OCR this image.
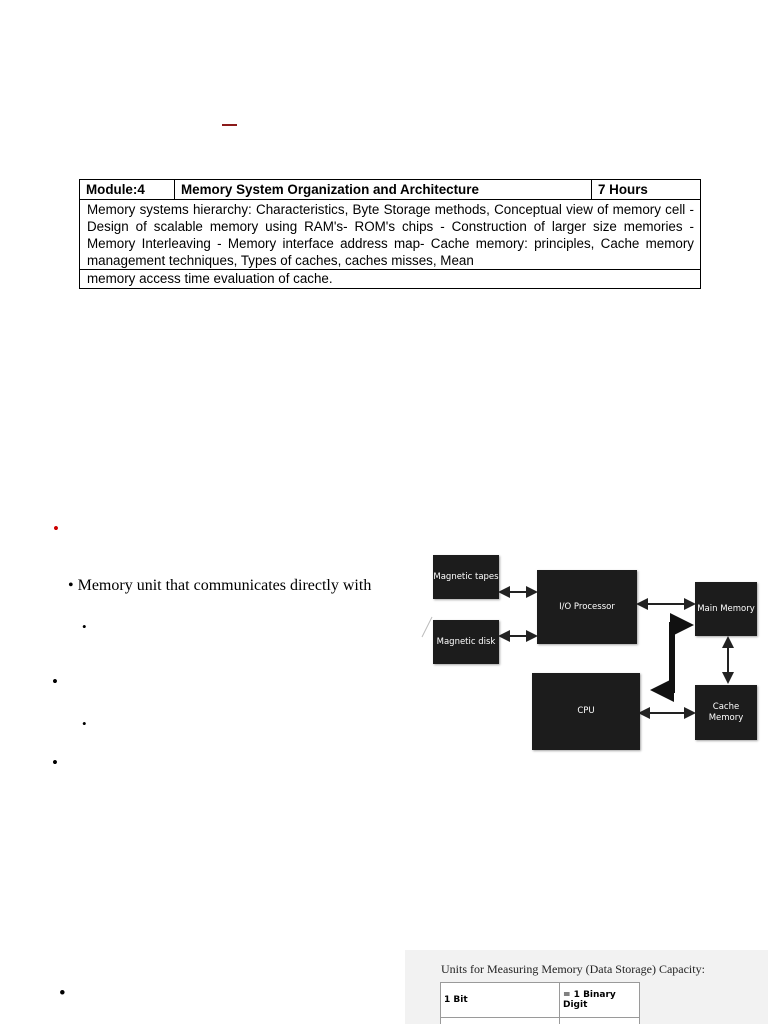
Module:4	Memory System Organization and Architecture	7 Hours
Memory systems hierarchy: Characteristics, Byte Storage methods, Conceptual view of memory cell - Design of scalable memory using RAM's- ROM's chips - Construction of larger size memories - Memory Interleaving - Memory interface address map- Cache memory: principles, Cache memory management techniques, Types of caches, caches misses, Mean
memory access time evaluation of cache.
•
• Memory unit that communicates directly with
•
•
•
•
•
Magnetic tapes
Magnetic disk
I/O Processor	Main Memory
CPU	Cache Memory
Units for Measuring Memory (Data Storage) Capacity:
1 Bit	= 1 Binary Digit
